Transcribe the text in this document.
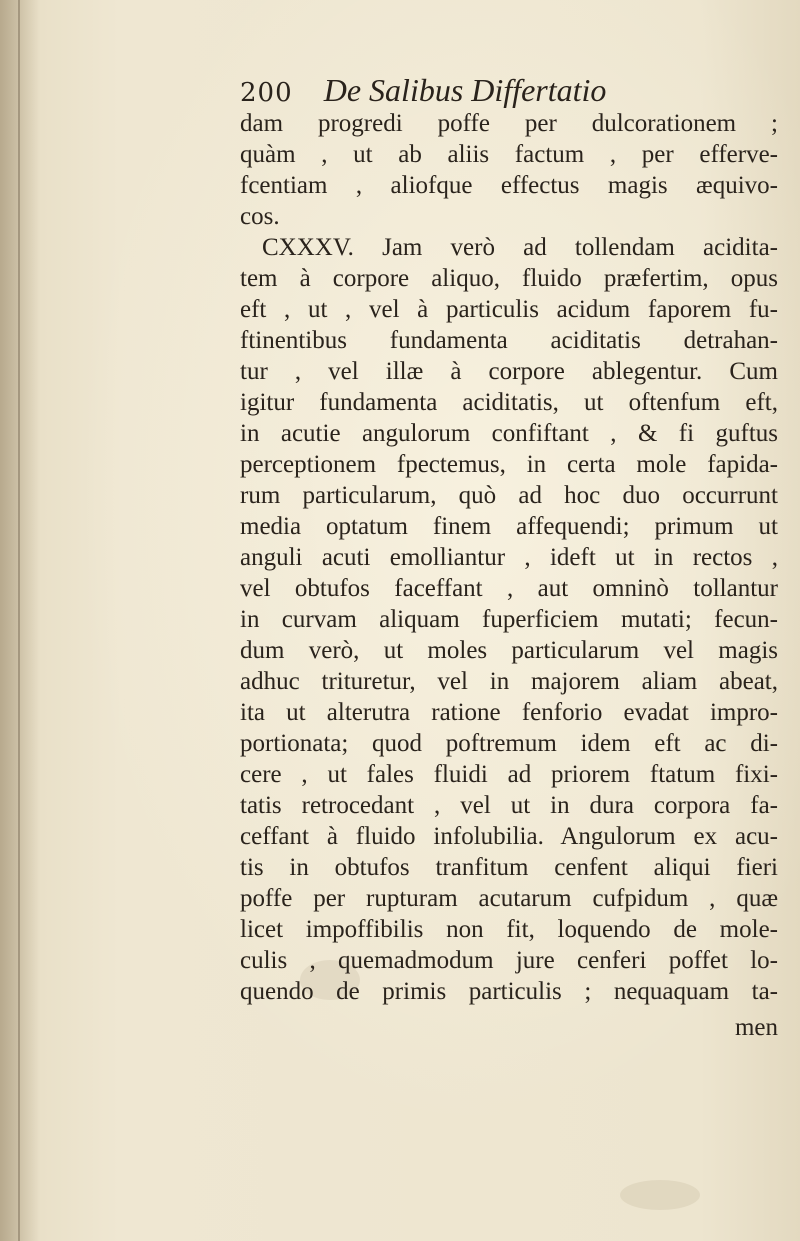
200 De Salibus Differtatio
dam progredi poffe per dulcorationem ;
quàm , ut ab aliis factum , per efferve-
fcentiam , aliofque effectus magis æquivo-
cos.
CXXXV. Jam verò ad tollendam acidita-
tem à corpore aliquo, fluido præfertim, opus
eft , ut , vel à particulis acidum faporem fu-
ftinentibus fundamenta aciditatis detrahan-
tur , vel illæ à corpore ablegentur. Cum
igitur fundamenta aciditatis, ut oftenfum eft,
in acutie angulorum confiftant , & fi guftus
perceptionem fpectemus, in certa mole fapida-
rum particularum, quò ad hoc duo occurrunt
media optatum finem affequendi; primum ut
anguli acuti emolliantur , ideft ut in rectos ,
vel obtufos faceffant , aut omninò tollantur
in curvam aliquam fuperficiem mutati; fecun-
dum verò, ut moles particularum vel magis
adhuc trituretur, vel in majorem aliam abeat,
ita ut alterutra ratione fenforio evadat impro-
portionata; quod poftremum idem eft ac di-
cere , ut fales fluidi ad priorem ftatum fixi-
tatis retrocedant , vel ut in dura corpora fa-
ceffant à fluido infolubilia. Angulorum ex acu-
tis in obtufos tranfitum cenfent aliqui fieri
poffe per rupturam acutarum cufpidum , quæ
licet impoffibilis non fit, loquendo de mole-
culis , quemadmodum jure cenferi poffet lo-
quendo de primis particulis ; nequaquam ta-
men
